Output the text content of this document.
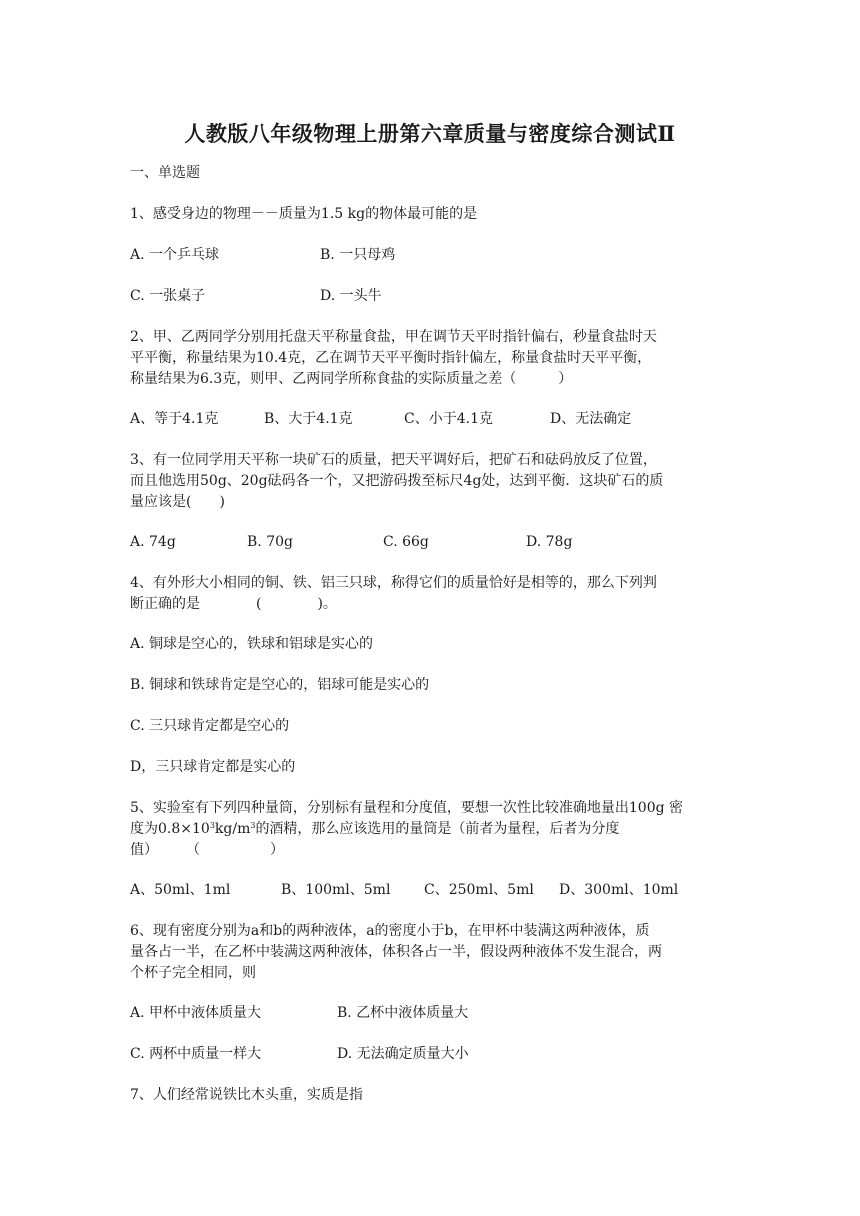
人教版八年级物理上册第六章质量与密度综合测试Ⅱ
一、单选题
1、感受身边的物理－－质量为1.5 kg的物体最可能的是
A. 一个乒乓球	B. 一只母鸡
C. 一张桌子	D. 一头牛
2、甲、乙两同学分别用托盘天平称量食盐，甲在调节天平时指针偏右，秒量食盐时天
平平衡，称量结果为10.4克，乙在调节天平平衡时指针偏左，称量食盐时天平平衡，
称量结果为6.3克，则甲、乙两同学所称食盐的实际质量之差（　　　）
A、等于4.1克	B、大于4.1克	C、小于4.1克	D、无法确定
3、有一位同学用天平称一块矿石的质量，把天平调好后，把矿石和砝码放反了位置，
而且他选用50g、20g砝码各一个，又把游码拨至标尺4g处，达到平衡．这块矿石的质
量应该是(　　)
A. 74g	B. 70g	C. 66g	D. 78g
4、有外形大小相同的铜、铁、铝三只球，称得它们的质量恰好是相等的，那么下列判
断正确的是　　　　(　　　　)。
A. 铜球是空心的，铁球和铝球是实心的
B. 铜球和铁球肯定是空心的，铝球可能是实心的
C. 三只球肯定都是空心的
D，三只球肯定都是实心的
5、实验室有下列四种量筒，分别标有量程和分度值，要想一次性比较准确地量出100g 密
度为$0.8\times 10^3kg/m^3$的酒精，那么应该选用的量筒是（前者为量程，后者为分度
值）　　　（　　　　　）
A、50ml、1ml	B、100ml、5ml C、250ml、5ml D、300ml、10ml
6、现有密度分别为a和b的两种液体，a的密度小于b，在甲杯中装满这两种液体，质
量各占一半，在乙杯中装满这两种液体，体积各占一半，假设两种液体不发生混合，两
个杯子完全相同，则
A. 甲杯中液体质量大	B. 乙杯中液体质量大
C. 两杯中质量一样大	D. 无法确定质量大小
7、人们经常说铁比木头重，实质是指
